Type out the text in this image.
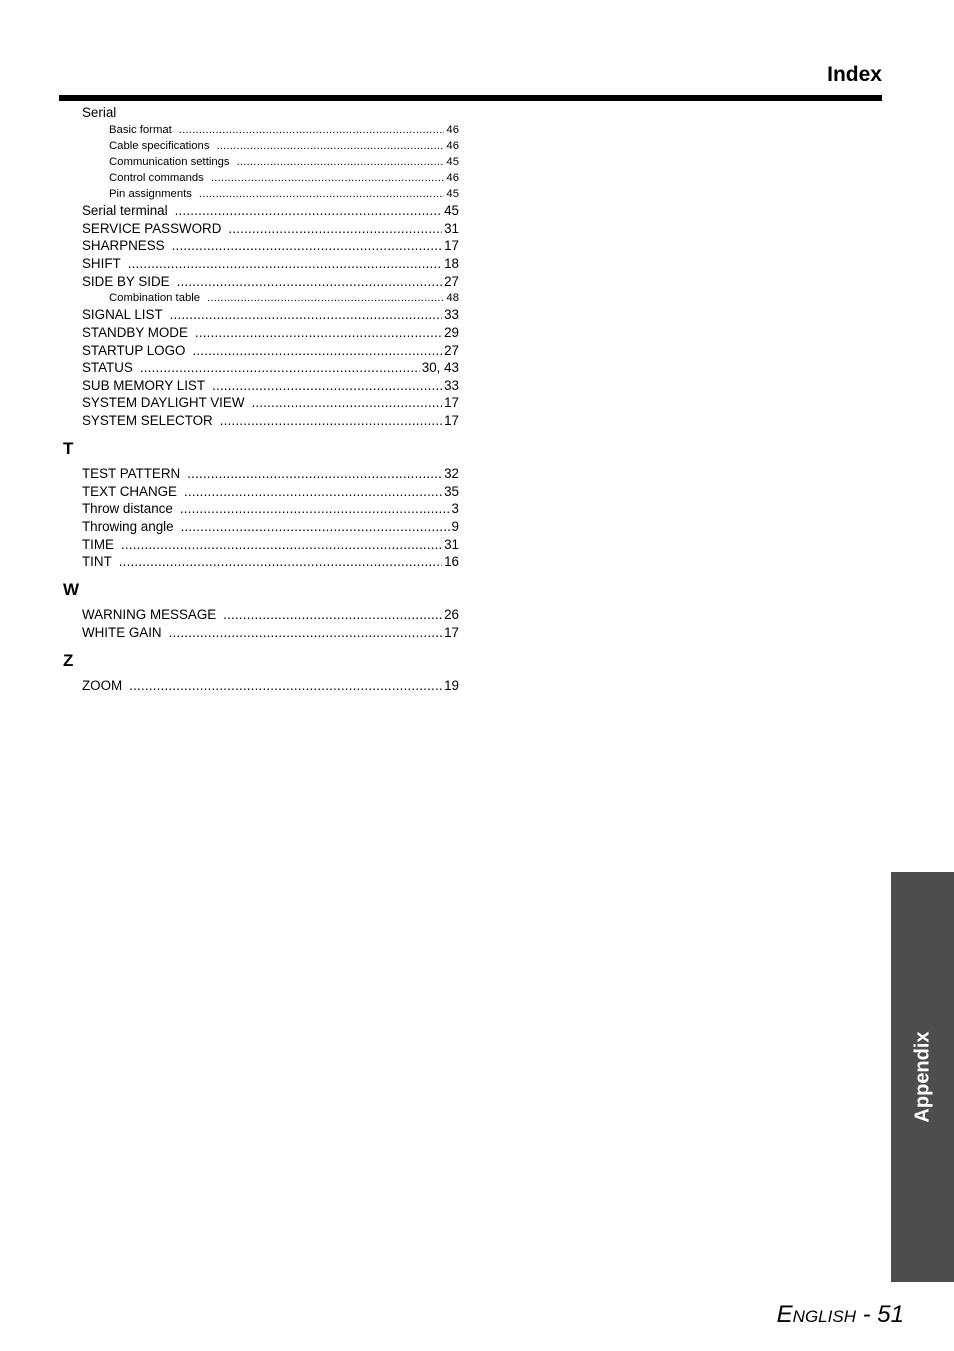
Index
Serial
Basic format .....	46
Cable specifications .....	46
Communication settings .....	45
Control commands .....	46
Pin assignments .....	45
Serial terminal .....	45
SERVICE PASSWORD .....	31
SHARPNESS .....	17
SHIFT .....	18
SIDE BY SIDE .....	27
Combination table .....	48
SIGNAL LIST .....	33
STANDBY MODE .....	29
STARTUP LOGO .....	27
STATUS .....	30, 43
SUB MEMORY LIST .....	33
SYSTEM DAYLIGHT VIEW .....	17
SYSTEM SELECTOR .....	17
T
TEST PATTERN .....	32
TEXT CHANGE .....	35
Throw distance .....	3
Throwing angle .....	9
TIME .....	31
TINT .....	16
W
WARNING MESSAGE .....	26
WHITE GAIN .....	17
Z
ZOOM .....	19
Appendix
English - 51
